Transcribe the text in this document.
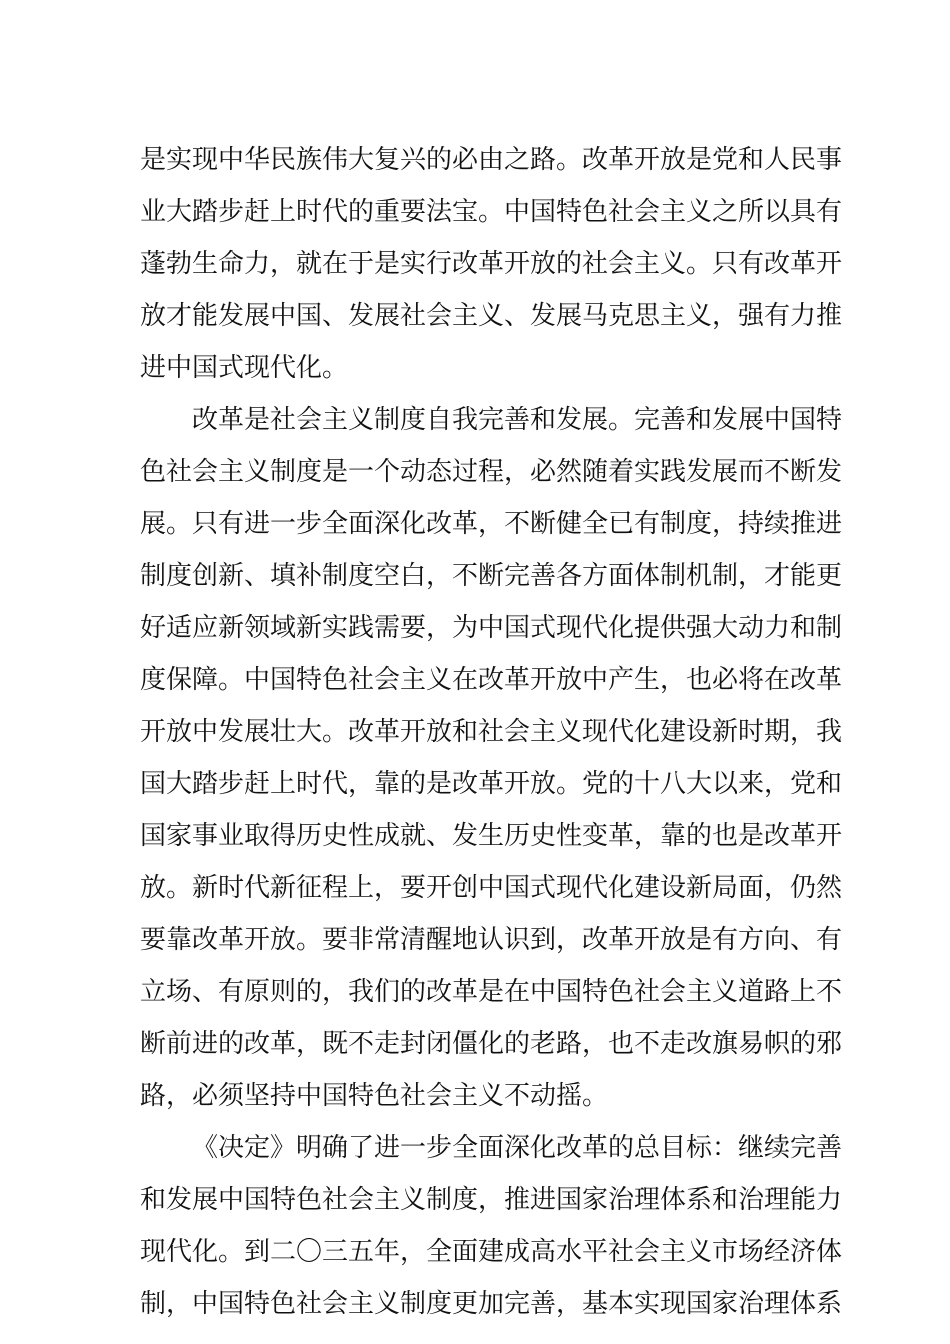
是实现中华民族伟大复兴的必由之路。改革开放是党和人民事
业大踏步赶上时代的重要法宝。中国特色社会主义之所以具有
蓬勃生命力，就在于是实行改革开放的社会主义。只有改革开
放才能发展中国、发展社会主义、发展马克思主义，强有力推
进中国式现代化。
改革是社会主义制度自我完善和发展。完善和发展中国特
色社会主义制度是一个动态过程，必然随着实践发展而不断发
展。只有进一步全面深化改革，不断健全已有制度，持续推进
制度创新、填补制度空白，不断完善各方面体制机制，才能更
好适应新领域新实践需要，为中国式现代化提供强大动力和制
度保障。中国特色社会主义在改革开放中产生，也必将在改革
开放中发展壮大。改革开放和社会主义现代化建设新时期，我
国大踏步赶上时代，靠的是改革开放。党的十八大以来，党和
国家事业取得历史性成就、发生历史性变革，靠的也是改革开
放。新时代新征程上，要开创中国式现代化建设新局面，仍然
要靠改革开放。要非常清醒地认识到，改革开放是有方向、有
立场、有原则的，我们的改革是在中国特色社会主义道路上不
断前进的改革，既不走封闭僵化的老路，也不走改旗易帜的邪
路，必须坚持中国特色社会主义不动摇。
《决定》明确了进一步全面深化改革的总目标：继续完善
和发展中国特色社会主义制度，推进国家治理体系和治理能力
现代化。到二〇三五年，全面建成高水平社会主义市场经济体
制，中国特色社会主义制度更加完善，基本实现国家治理体系
